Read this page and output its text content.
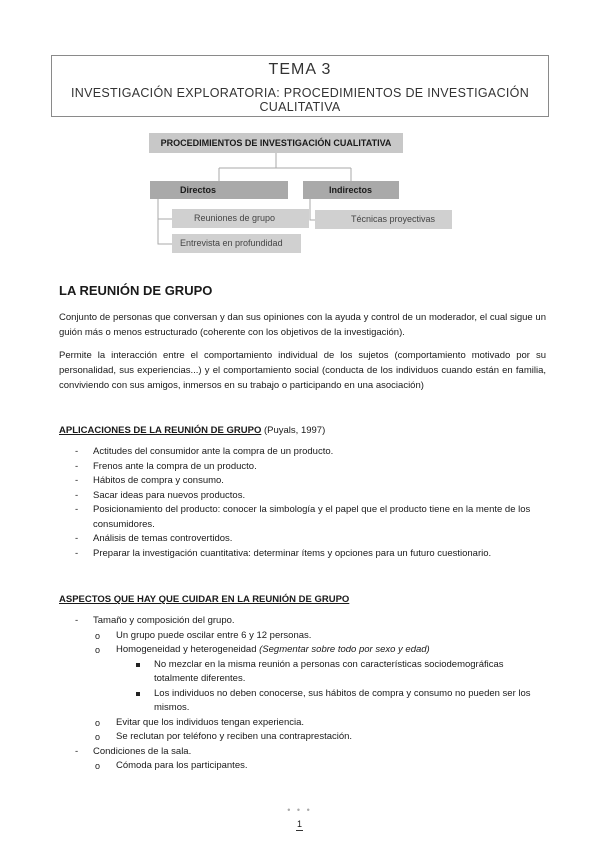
TEMA 3
INVESTIGACIÓN EXPLORATORIA: PROCEDIMIENTOS DE INVESTIGACIÓN CUALITATIVA
PROCEDIMIENTOS DE INVESTIGACIÓN CUALITATIVA
Directos	Indirectos
Reuniones de grupo
Entrevista en profundidad
Técnicas proyectivas
LA REUNIÓN DE GRUPO

Conjunto de personas que conversan y dan sus opiniones con la ayuda y control de un moderador, el cual sigue un guión más o menos estructurado (coherente con los objetivos de la investigación).

Permite la interacción entre el comportamiento individual de los sujetos (comportamiento motivado por su personalidad, sus experiencias...) y el comportamiento social (conducta de los individuos cuando están en familia, conviviendo con sus amigos, inmersos en su trabajo o participando en una asociación)

APLICACIONES DE LA REUNIÓN DE GRUPO (Puyals, 1997)

- Actitudes del consumidor ante la compra de un producto.
- Frenos ante la compra de un producto.
- Hábitos de compra y consumo.
- Sacar ideas para nuevos productos.
- Posicionamiento del producto: conocer la simbología y el papel que el producto tiene en la mente de los consumidores.
- Análisis de temas controvertidos.
- Preparar la investigación cuantitativa: determinar ítems y opciones para un futuro cuestionario.

ASPECTOS QUE HAY QUE CUIDAR EN LA REUNIÓN DE GRUPO

- Tamaño y composición del grupo.
o Un grupo puede oscilar entre 6 y 12 personas.
o Homogeneidad y heterogeneidad (Segmentar sobre todo por sexo y edad)
No mezclar en la misma reunión a personas con características sociodemográficas totalmente diferentes.
Los individuos no deben conocerse, sus hábitos de compra y consumo no pueden ser los mismos.
o Evitar que los individuos tengan experiencia.
o Se reclutan por teléfono y reciben una contraprestación.
- Condiciones de la sala.
o Cómoda para los participantes.
• • •
1
